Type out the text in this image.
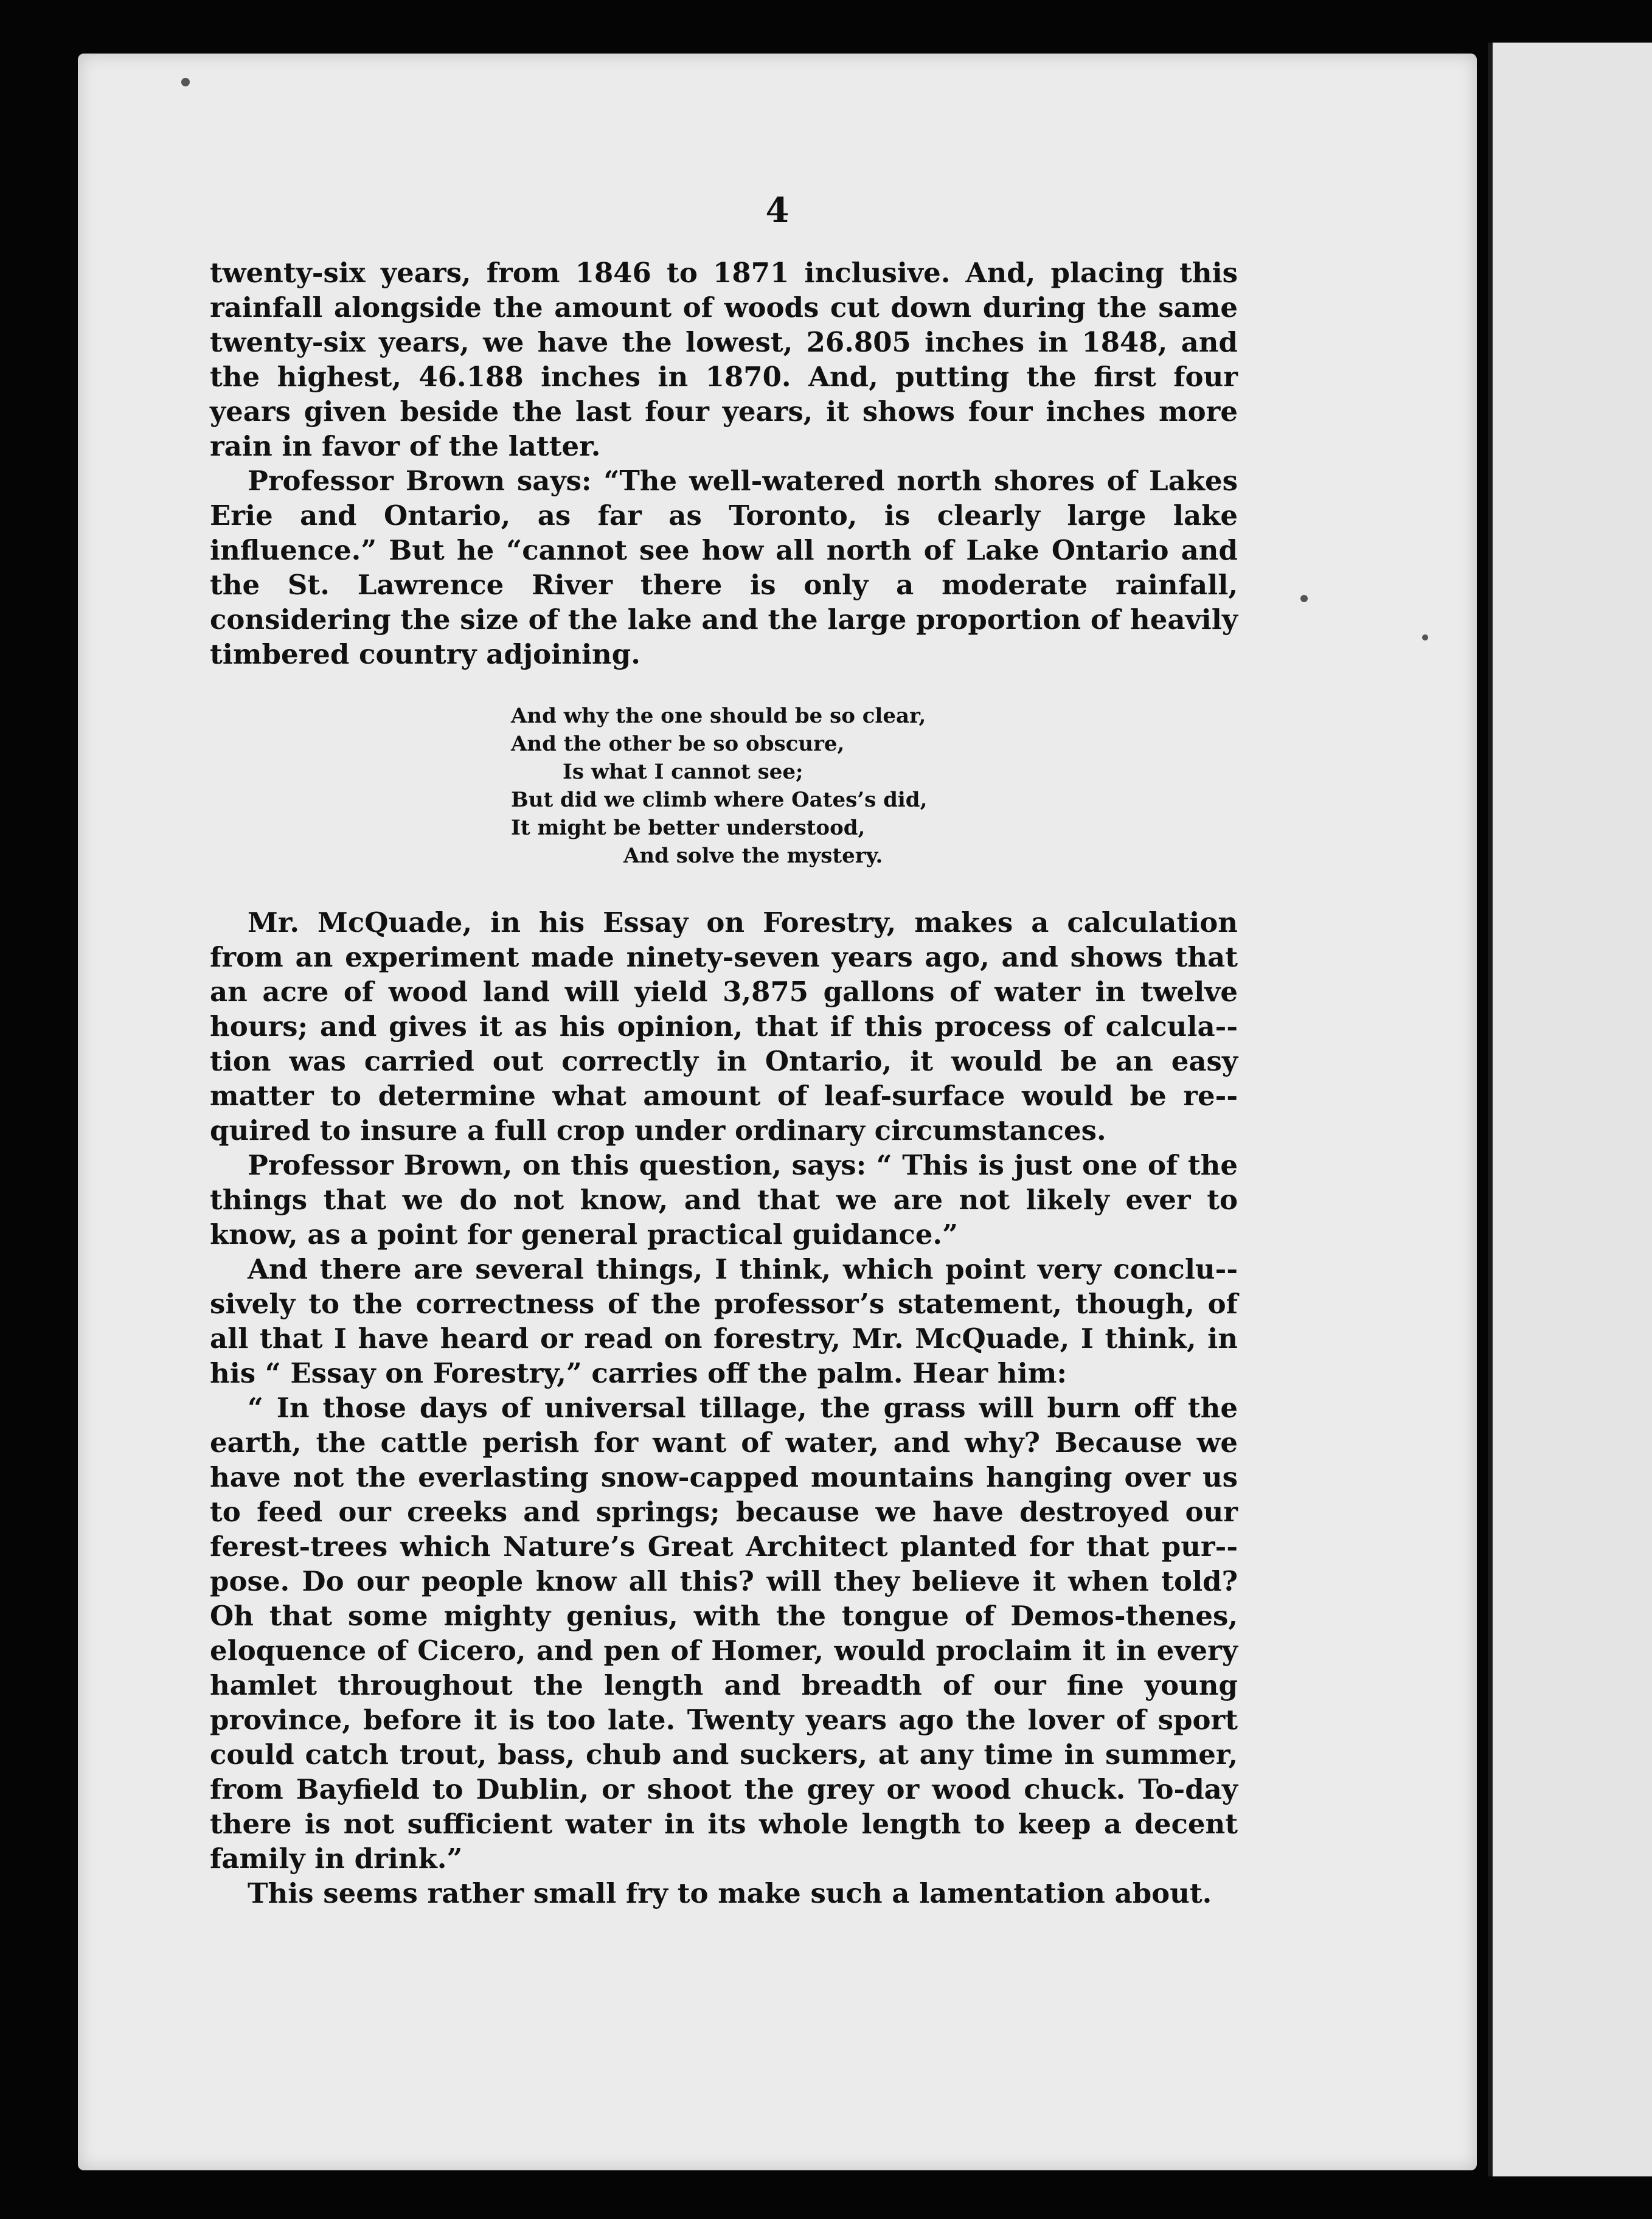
4

twenty-six years, from 1846 to 1871 inclusive. And, placing this rainfall alongside the amount of woods cut down during the same twenty-six years, we have the lowest, 26.805 inches in 1848, and the highest, 46.188 inches in 1870. And, putting the first four years given beside the last four years, it shows four inches more rain in favor of the latter.

Professor Brown says: “The well-watered north shores of Lakes Erie and Ontario, as far as Toronto, is clearly large lake influence.” But he “cannot see how all north of Lake Ontario and the St. Lawrence River there is only a moderate rainfall, considering the size of the lake and the large proportion of heavily timbered country adjoining.

And why the one should be so clear,
And the other be so obscure,
Is what I cannot see;
But did we climb where Oates’s did,
It might be better understood,
And solve the mystery.

Mr. McQuade, in his Essay on Forestry, makes a calculation from an experiment made ninety-seven years ago, and shows that an acre of wood land will yield 3,875 gallons of water in twelve hours; and gives it as his opinion, that if this process of calcula-tion was carried out correctly in Ontario, it would be an easy matter to determine what amount of leaf-surface would be re-quired to insure a full crop under ordinary circumstances.

Professor Brown, on this question, says: “ This is just one of the things that we do not know, and that we are not likely ever to know, as a point for general practical guidance.”

And there are several things, I think, which point very conclu-sively to the correctness of the professor’s statement, though, of all that I have heard or read on forestry, Mr. McQuade, I think, in his “ Essay on Forestry,” carries off the palm. Hear him:

“ In those days of universal tillage, the grass will burn off the earth, the cattle perish for want of water, and why? Because we have not the everlasting snow-capped mountains hanging over us to feed our creeks and springs; because we have destroyed our ferest-trees which Nature’s Great Architect planted for that pur-pose. Do our people know all this? will they believe it when told? Oh that some mighty genius, with the tongue of Demos-thenes, eloquence of Cicero, and pen of Homer, would proclaim it in every hamlet throughout the length and breadth of our fine young province, before it is too late. Twenty years ago the lover of sport could catch trout, bass, chub and suckers, at any time in summer, from Bayfield to Dublin, or shoot the grey or wood chuck. To-day there is not sufficient water in its whole length to keep a decent family in drink.”

This seems rather small fry to make such a lamentation about.
